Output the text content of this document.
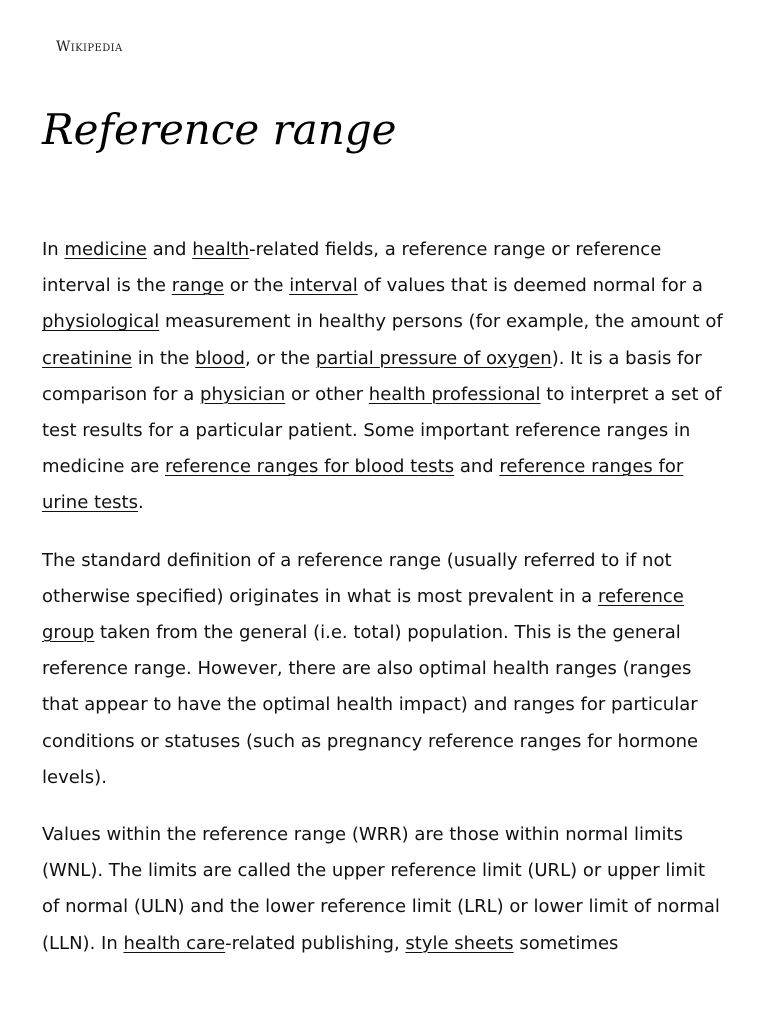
Wikipedia
Reference range

In medicine and health-related fields, a reference range or reference interval is the range or the interval of values that is deemed normal for a physiological measurement in healthy persons (for example, the amount of creatinine in the blood, or the partial pressure of oxygen). It is a basis for comparison for a physician or other health professional to interpret a set of test results for a particular patient. Some important reference ranges in medicine are reference ranges for blood tests and reference ranges for urine tests.

The standard definition of a reference range (usually referred to if not otherwise specified) originates in what is most prevalent in a reference group taken from the general (i.e. total) population. This is the general reference range. However, there are also optimal health ranges (ranges that appear to have the optimal health impact) and ranges for particular conditions or statuses (such as pregnancy reference ranges for hormone levels).

Values within the reference range (WRR) are those within normal limits (WNL). The limits are called the upper reference limit (URL) or upper limit of normal (ULN) and the lower reference limit (LRL) or lower limit of normal (LLN). In health care-related publishing, style sheets sometimes
